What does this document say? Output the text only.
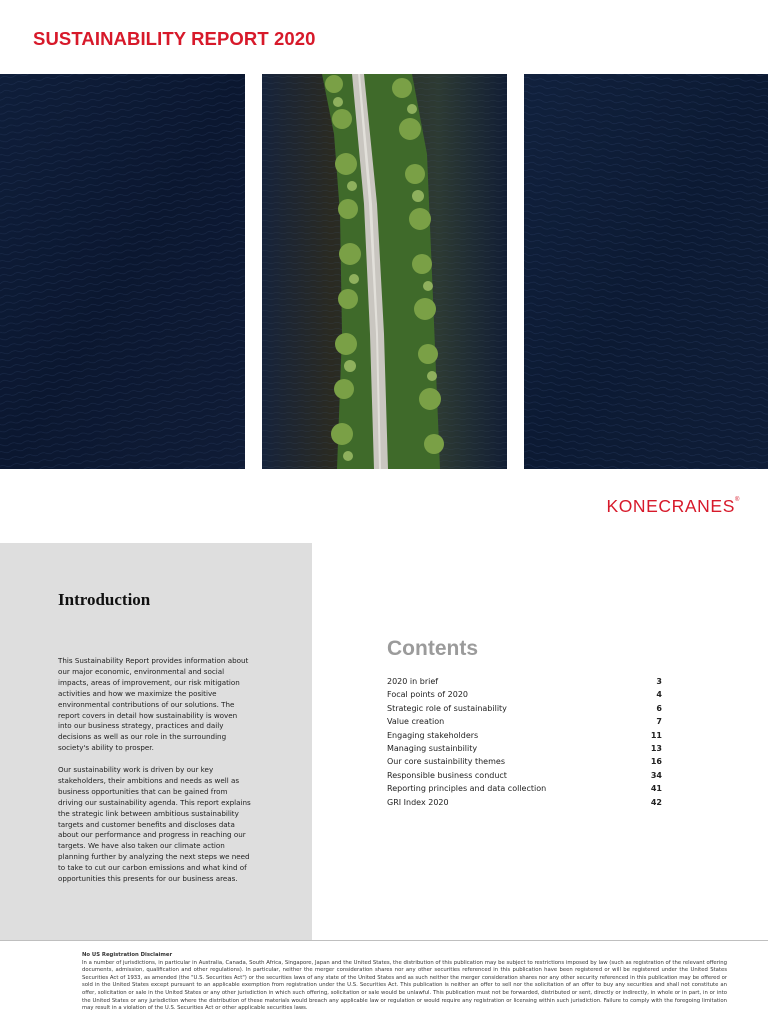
SUSTAINABILITY REPORT 2020
KONECRANES®
Introduction

This Sustainability Report provides information about our major economic, environmental and social impacts, areas of improvement, our risk mitigation activities and how we maximize the positive environmental contributions of our solutions. The report covers in detail how sustainability is woven into our business strategy, practices and daily decisions as well as our role in the surrounding society's ability to prosper.

Our sustainability work is driven by our key stakeholders, their ambitions and needs as well as business opportunities that can be gained from driving our sustainability agenda. This report explains the strategic link between ambitious sustainability targets and customer benefits and discloses data about our performance and progress in reaching our targets. We have also taken our climate action planning further by analyzing the next steps we need to take to cut our carbon emissions and what kind of opportunities this presents for our business areas.

Contents
2020 in brief	3
Focal points of 2020	4
Strategic role of sustainability	6
Value creation	7
Engaging stakeholders	11
Managing sustainbility	13
Our core sustainbility themes	16
Responsible business conduct	34
Reporting principles and data collection	41
GRI Index 2020	42
No US Registration Disclaimer
In a number of jurisdictions, in particular in Australia, Canada, South Africa, Singapore, Japan and the United States, the distribution of this publication may be subject to restrictions imposed by law (such as registration of the relevant offering documents, admission, qualification and other regulations). In particular, neither the merger consideration shares nor any other securities referenced in this publication have been registered or will be registered under the United States Securities Act of 1933, as amended (the "U.S. Securities Act") or the securities laws of any state of the United States and as such neither the merger consideration shares nor any other security referenced in this publication may be offered or sold in the United States except pursuant to an applicable exemption from registration under the U.S. Securities Act. This publication is neither an offer to sell nor the solicitation of an offer to buy any securities and shall not constitute an offer, solicitation or sale in the United States or any other jurisdiction in which such offering, solicitation or sale would be unlawful. This publication must not be forwarded, distributed or sent, directly or indirectly, in whole or in part, in or into the United States or any jurisdiction where the distribution of these materials would breach any applicable law or regulation or would require any registration or licensing within such jurisdiction. Failure to comply with the foregoing limitation may result in a violation of the U.S. Securities Act or other applicable securities laws.
